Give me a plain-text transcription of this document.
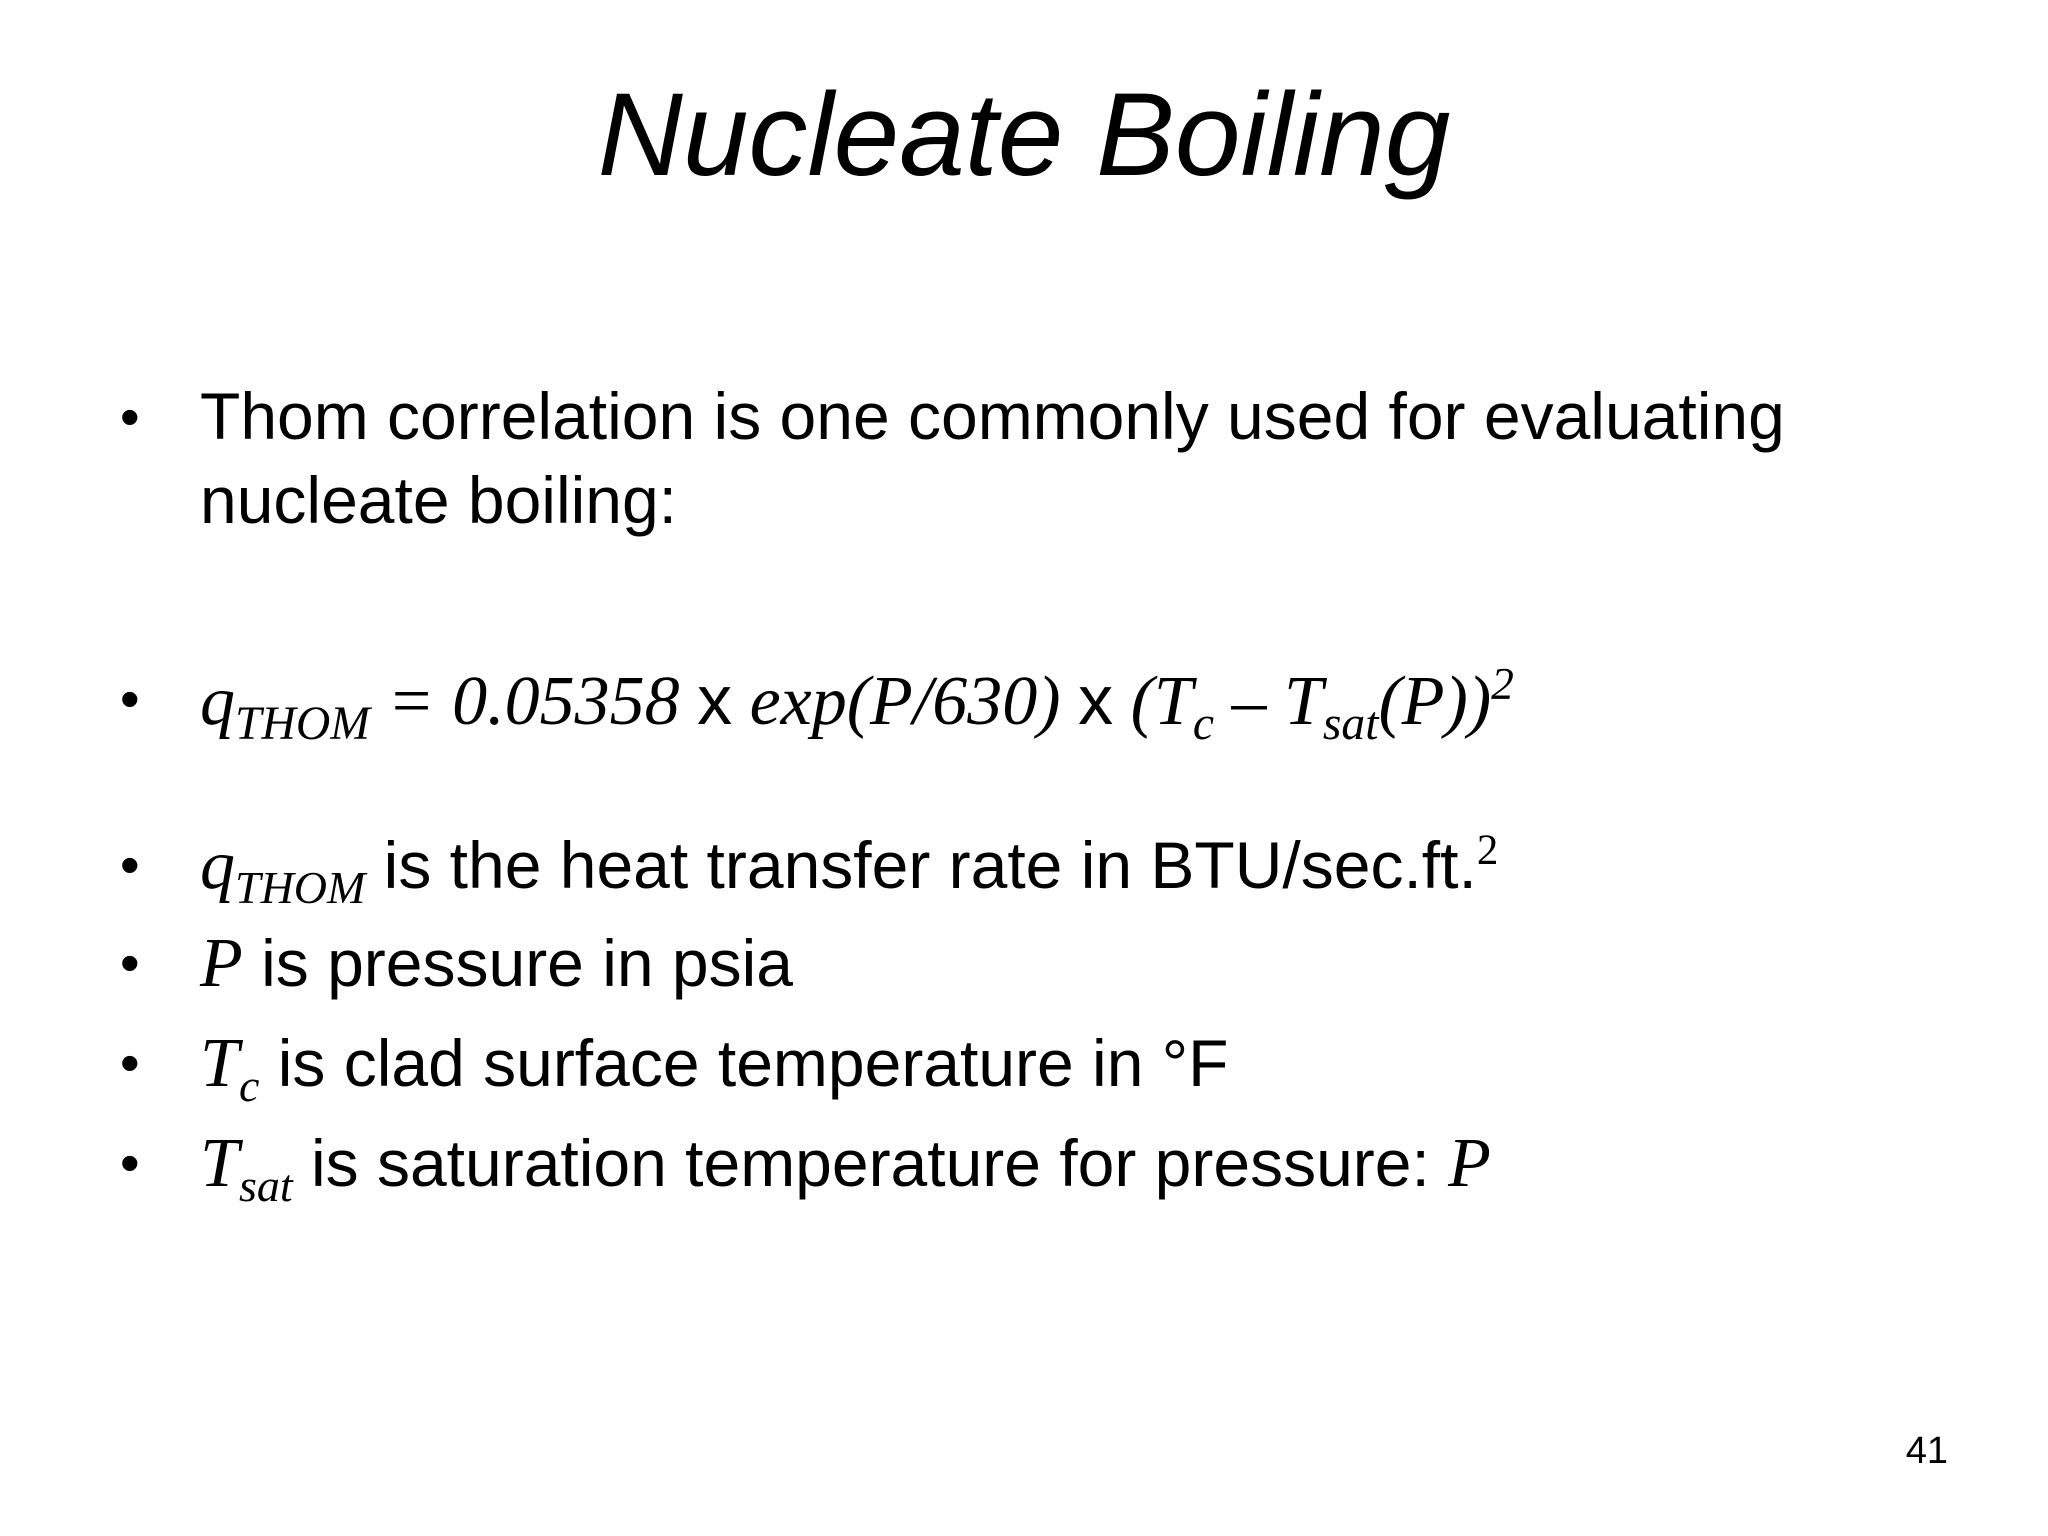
Nucleate Boiling
• Thom correlation is one commonly used for evaluating
nucleate boiling:
• $q_{THOM} = 0.05358$ x exp(P/630) x $(T_c - T_{sat}(P))^2$
• $q_{THOM}$ is the heat transfer rate in BTU/sec.ft.$^2$
• P is pressure in psia
• $T_c$ is clad surface temperature in °F
• $T_{sat}$ is saturation temperature for pressure: P
41
